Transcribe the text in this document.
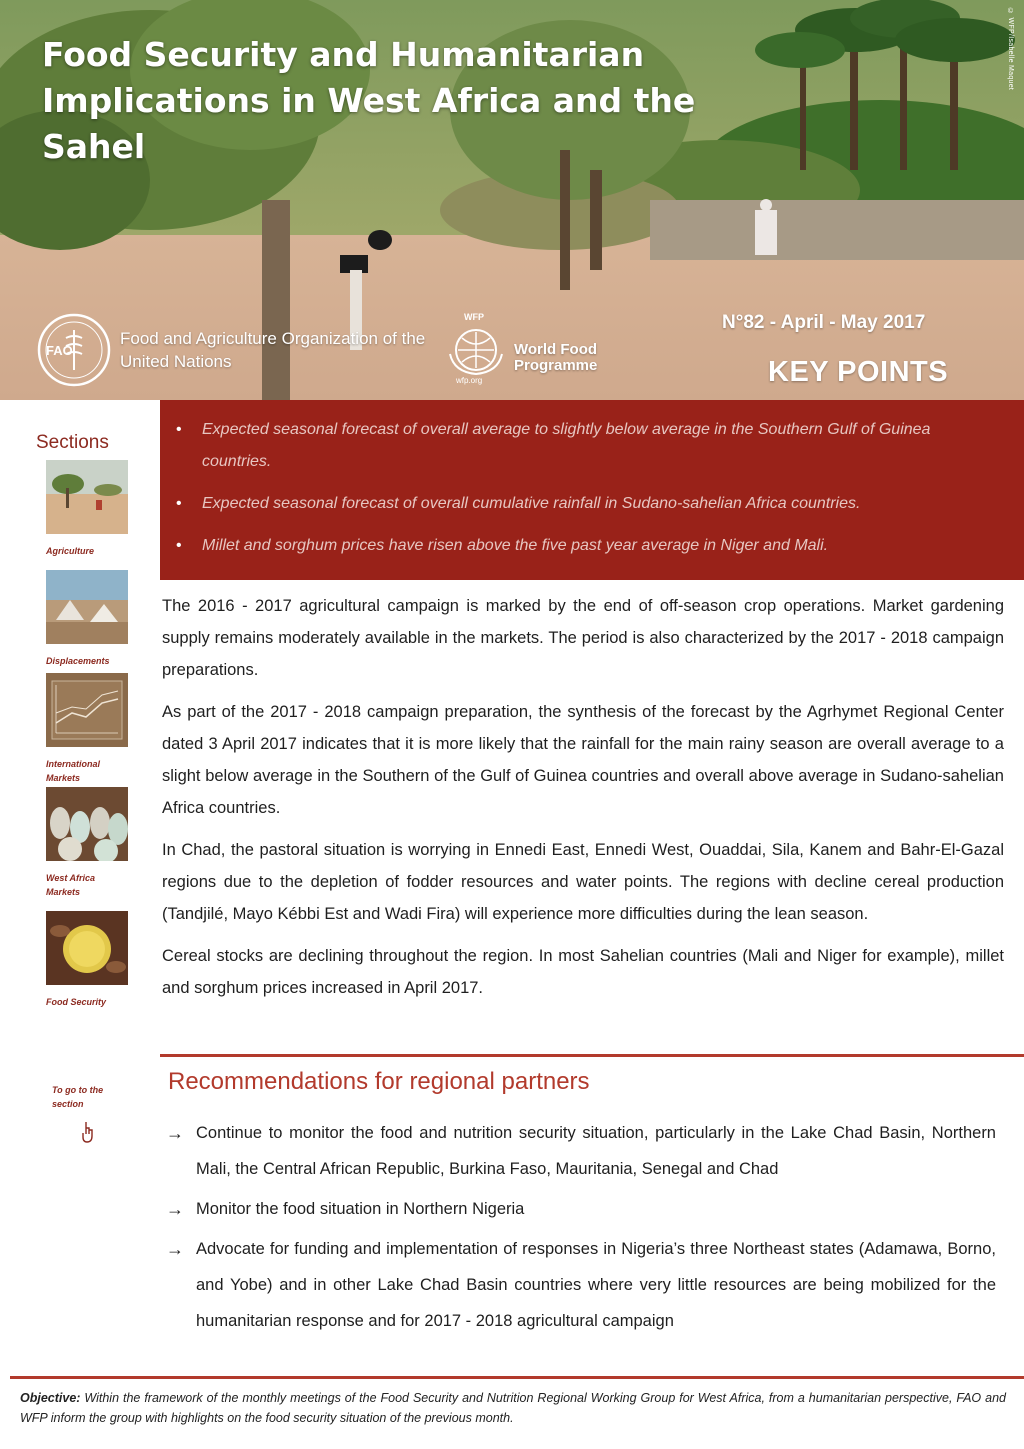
Food Security and Humanitarian Implications in West Africa and the Sahel
© WFP/Isabelle Maquet
FAO
Food and Agriculture Organization of the United Nations
WFP
wfp.org
World Food Programme
N°82 - April - May 2017
KEY POINTS
• Expected seasonal forecast of overall average to slightly below average in the Southern Gulf of Guinea countries.
• Expected seasonal forecast of overall cumulative rainfall in Sudano-sahelian Africa countries.
• Millet and sorghum prices have risen above the five past year average in Niger and Mali.
Sections
Agriculture
Displacements
International Markets
West Africa Markets
Food Security
To go to the section

The 2016 - 2017 agricultural campaign is marked by the end of off-season crop operations. Market gardening supply remains moderately available in the markets. The period is also characterized by the 2017 - 2018 campaign preparations.

As part of the 2017 - 2018 campaign preparation, the synthesis of the forecast by the Agrhymet Regional Center dated 3 April 2017 indicates that it is more likely that the rainfall for the main rainy season are overall average to a slight below average in the Southern of the Gulf of Guinea countries and overall above average in Sudano-sahelian Africa countries.

In Chad, the pastoral situation is worrying in Ennedi East, Ennedi West, Ouaddai, Sila, Kanem and Bahr-El-Gazal regions due to the depletion of fodder resources and water points. The regions with decline cereal production (Tandjilé, Mayo Kébbi Est and Wadi Fira) will experience more difficulties during the lean season.

Cereal stocks are declining throughout the region. In most Sahelian countries (Mali and Niger for example), millet and sorghum prices increased in April 2017.

Recommendations for regional partners
→ Continue to monitor the food and nutrition security situation, particularly in the Lake Chad Basin, Northern Mali, the Central African Republic, Burkina Faso, Mauritania, Senegal and Chad
→ Monitor the food situation in Northern Nigeria
→ Advocate for funding and implementation of responses in Nigeria’s three Northeast states (Adamawa, Borno, and Yobe) and in other Lake Chad Basin countries where very little resources are being mobilized for the humanitarian response and for 2017 - 2018 agricultural campaign
Objective: Within the framework of the monthly meetings of the Food Security and Nutrition Regional Working Group for West Africa, from a humanitarian perspective, FAO and WFP inform the group with highlights on the food security situation of the previous month.
